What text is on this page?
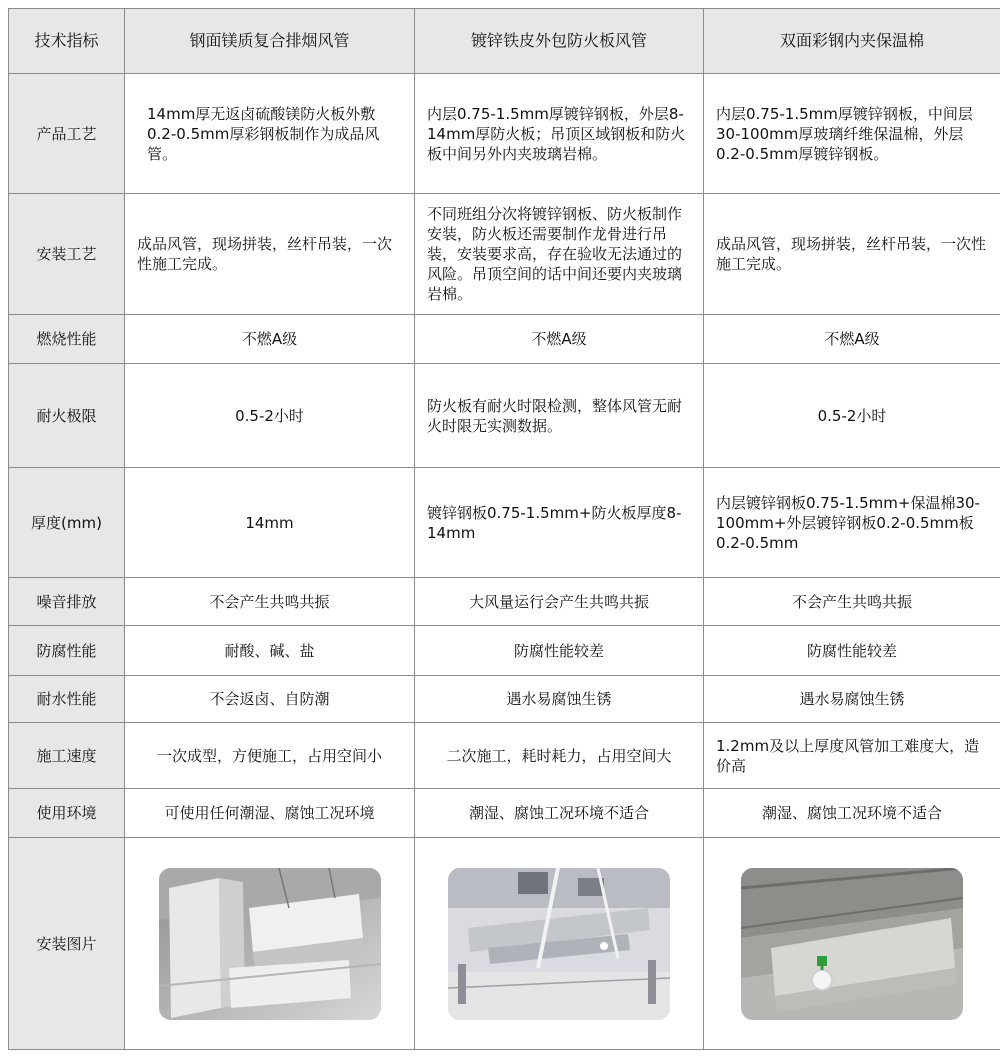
技术指标	钢面镁质复合排烟风管	镀锌铁皮外包防火板风管	双面彩钢内夹保温棉
产品工艺	14mm厚无返卤硫酸镁防火板外敷0.2-0.5mm厚彩钢板制作为成品风管。	内层0.75-1.5mm厚镀锌钢板，外层8-14mm厚防火板；吊顶区域钢板和防火板中间另外内夹玻璃岩棉。	内层0.75-1.5mm厚镀锌钢板，中间层30-100mm厚玻璃纤维保温棉，外层0.2-0.5mm厚镀锌钢板。
安装工艺	成品风管，现场拼装，丝杆吊装，一次性施工完成。	不同班组分次将镀锌钢板、防火板制作安装，防火板还需要制作龙骨进行吊装，安装要求高，存在验收无法通过的风险。吊顶空间的话中间还要内夹玻璃岩棉。	成品风管，现场拼装，丝杆吊装，一次性施工完成。
燃烧性能	不燃A级	不燃A级	不燃A级
耐火极限	0.5-2小时	防火板有耐火时限检测，整体风管无耐火时限无实测数据。	0.5-2小时
厚度(mm)	14mm	镀锌钢板0.75-1.5mm+防火板厚度8-14mm	内层镀锌钢板0.75-1.5mm+保温棉30-100mm+外层镀锌钢板0.2-0.5mm板0.2-0.5mm
噪音排放	不会产生共鸣共振	大风量运行会产生共鸣共振	不会产生共鸣共振
防腐性能	耐酸、碱、盐	防腐性能较差	防腐性能较差
耐水性能	不会返卤、自防潮	遇水易腐蚀生锈	遇水易腐蚀生锈
施工速度	一次成型，方便施工，占用空间小	二次施工，耗时耗力，占用空间大	1.2mm及以上厚度风管加工难度大，造价高
使用环境	可使用任何潮湿、腐蚀工况环境	潮湿、腐蚀工况环境不适合	潮湿、腐蚀工况环境不适合
安装图片	
